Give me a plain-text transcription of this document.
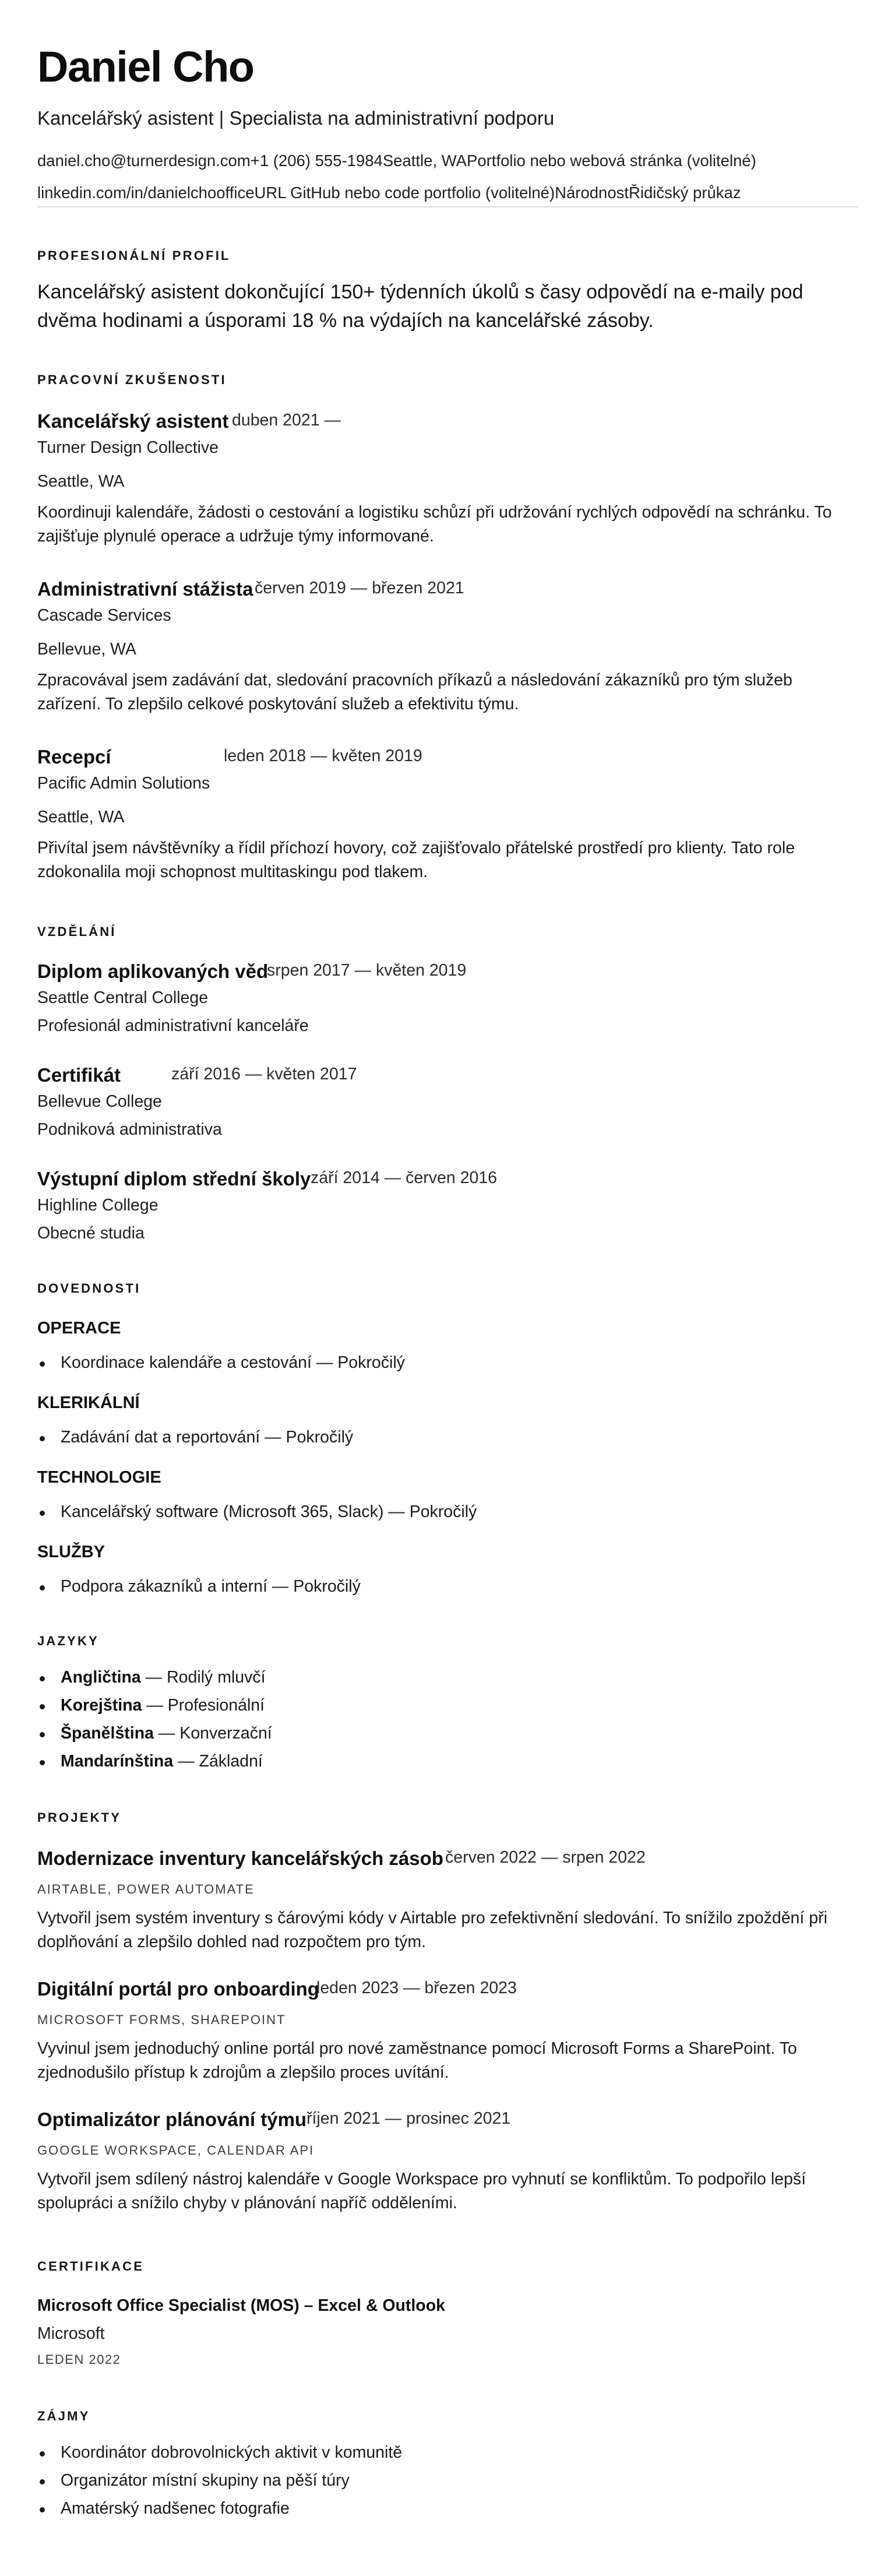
Daniel Cho
Kancelářský asistent | Specialista na administrativní podporu
daniel.cho@turnerdesign.com +1 (206) 555-1984 Seattle, WA Portfolio nebo webová stránka (volitelné)
linkedin.com/in/danielchoofficeURL GitHub nebo code portfolio (volitelné) Národnost Řidičský průkaz
PROFESIONÁLNÍ PROFIL
Kancelářský asistent dokončující 150+ týdenních úkolů s časy odpovědí na e-maily pod dvěma hodinami a úsporami 18 % na výdajích na kancelářské zásoby.
PRACOVNÍ ZKUŠENOSTI
Kancelářský asistent duben 2021 —
Turner Design Collective
Seattle, WA
Koordinuji kalendáře, žádosti o cestování a logistiku schůzí při udržování rychlých odpovědí na schránku. To zajišťuje plynulé operace a udržuje týmy informované.
Administrativní stážista červen 2019 — březen 2021
Cascade Services
Bellevue, WA
Zpracovával jsem zadávání dat, sledování pracovních příkazů a následování zákazníků pro tým služeb zařízení. To zlepšilo celkové poskytování služeb a efektivitu týmu.
Recepcí	leden 2018 — květen 2019
Pacific Admin Solutions
Seattle, WA
Přivítal jsem návštěvníky a řídil příchozí hovory, což zajišťovalo přátelské prostředí pro klienty. Tato role zdokonalila moji schopnost multitaskingu pod tlakem.
VZDĚLÁNÍ
Diplom aplikovaných věd
srpen 2017 — květen 2019
Seattle Central College
Profesionál administrativní kanceláře
Certifikát	září 2016 — květen 2017
Bellevue College
Podniková administrativa
Výstupní diplom střední školy září 2014 — červen 2016
Highline College
Obecné studia
DOVEDNOSTI
OPERACE
Koordinace kalendáře a cestování — Pokročilý
KLERIKÁLNÍ
Zadávání dat a reportování — Pokročilý
TECHNOLOGIE
Kancelářský software (Microsoft 365, Slack) — Pokročilý
SLUŽBY
Podpora zákazníků a interní — Pokročilý
JAZYKY
Angličtina — Rodilý mluvčí
Korejština — Profesionální
Španělština — Konverzační
Mandarínština — Základní
PROJEKTY
Modernizace inventury kancelářských zásob červen 2022 — srpen 2022
AIRTABLE, POWER AUTOMATE
Vytvořil jsem systém inventury s čárovými kódy v Airtable pro zefektivnění sledování. To snížilo zpoždění při doplňování a zlepšilo dohled nad rozpočtem pro tým.
Digitální portál pro onboarding
leden 2023 — březen 2023
MICROSOFT FORMS, SHAREPOINT
Vyvinul jsem jednoduchý online portál pro nové zaměstnance pomocí Microsoft Forms a SharePoint. To zjednodušilo přístup k zdrojům a zlepšilo proces uvítání.
Optimalizátor plánování týmu říjen 2021 — prosinec 2021
GOOGLE WORKSPACE, CALENDAR API
Vytvořil jsem sdílený nástroj kalendáře v Google Workspace pro vyhnutí se konfliktům. To podpořilo lepší spolupráci a snížilo chyby v plánování napříč odděleními.
CERTIFIKACE
Microsoft Office Specialist (MOS) – Excel & Outlook
Microsoft
LEDEN 2022
ZÁJMY
Koordinátor dobrovolnických aktivit v komunitě
Organizátor místní skupiny na pěší túry
Amatérský nadšenec fotografie
